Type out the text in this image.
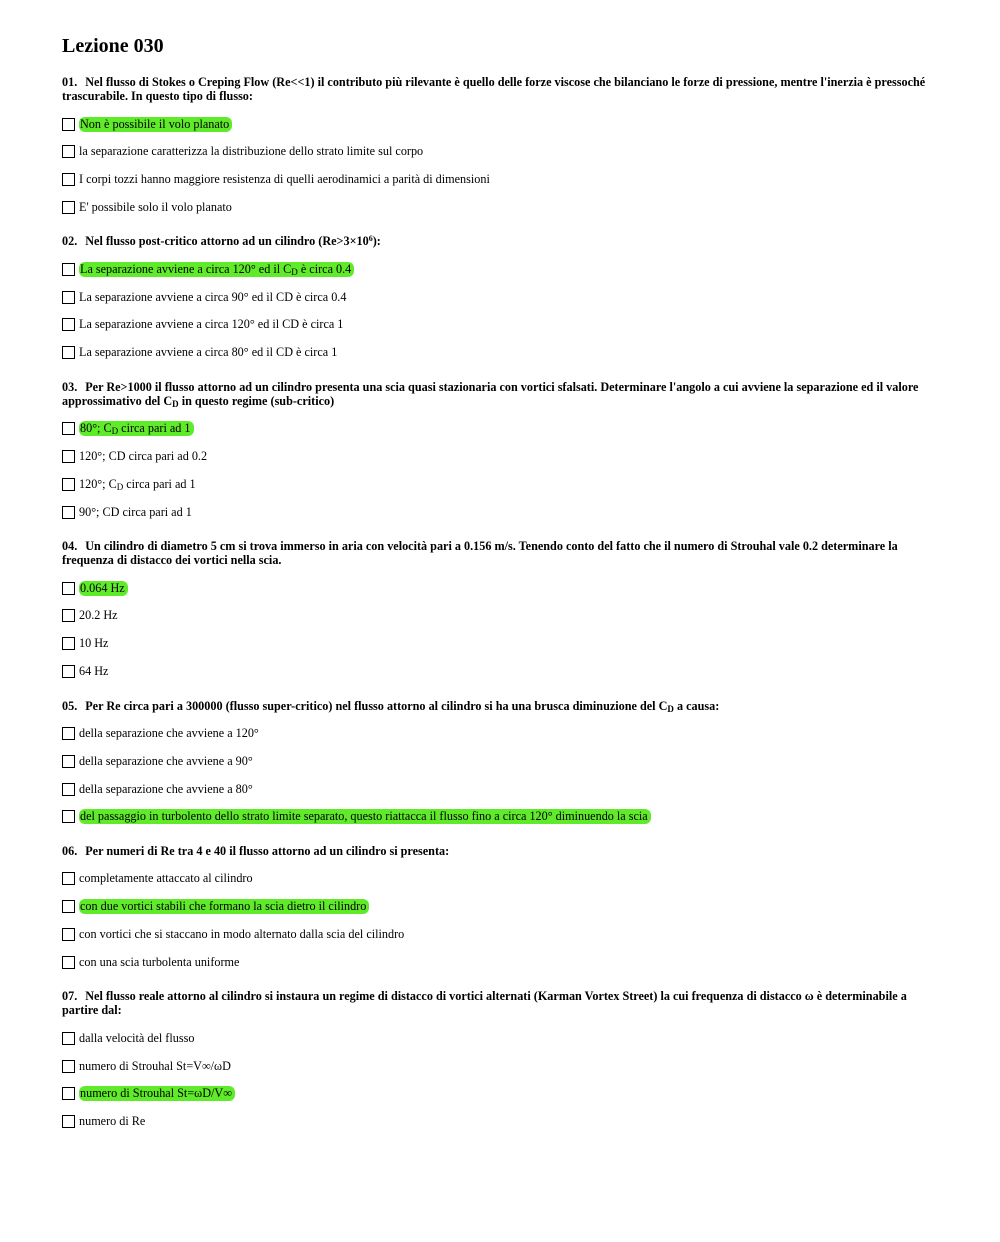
Lezione 030

01. Nel flusso di Stokes o Creping Flow (Re<<1) il contributo più rilevante è quello delle forze viscose che bilanciano le forze di pressione, mentre l'inerzia è pressoché trascurabile. In questo tipo di flusso:

Non è possibile il volo planato
la separazione caratterizza la distribuzione dello strato limite sul corpo
I corpi tozzi hanno maggiore resistenza di quelli aerodinamici a parità di dimensioni
E' possibile solo il volo planato

02. Nel flusso post-critico attorno ad un cilindro $(Re>3\times 10^6)$:

La separazione avviene a circa 120° ed il $C_D$ è circa 0.4
La separazione avviene a circa 90° ed il CD è circa 0.4
La separazione avviene a circa 120° ed il CD è circa 1
La separazione avviene a circa 80° ed il CD è circa 1

03. Per Re>1000 il flusso attorno ad un cilindro presenta una scia quasi stazionaria con vortici sfalsati. Determinare l'angolo a cui avviene la separazione ed il valore approssimativo del $C_D$ in questo regime (sub-critico)

80°; $C_D$ circa pari ad 1
120°; CD circa pari ad 0.2
120°; $C_D$ circa pari ad 1
90°; CD circa pari ad 1

04. Un cilindro di diametro 5 cm si trova immerso in aria con velocità pari a 0.156 m/s. Tenendo conto del fatto che il numero di Strouhal vale 0.2 determinare la frequenza di distacco dei vortici nella scia.

0.064 Hz
20.2 Hz
10 Hz
64 Hz

05. Per Re circa pari a 300000 (flusso super-critico) nel flusso attorno al cilindro si ha una brusca diminuzione del $C_D$ a causa:

della separazione che avviene a 120°
della separazione che avviene a 90°
della separazione che avviene a 80°
del passaggio in turbolento dello strato limite separato, questo riattacca il flusso fino a circa 120° diminuendo la scia

06. Per numeri di Re tra 4 e 40 il flusso attorno ad un cilindro si presenta:

completamente attaccato al cilindro
con due vortici stabili che formano la scia dietro il cilindro
con vortici che si staccano in modo alternato dalla scia del cilindro
con una scia turbolenta uniforme

07. Nel flusso reale attorno al cilindro si instaura un regime di distacco di vortici alternati (Karman Vortex Street) la cui frequenza di distacco ω è determinabile a partire dal:

dalla velocità del flusso
numero di Strouhal St=V∞/ωD
numero di Strouhal St=ωD/V∞
numero di Re
